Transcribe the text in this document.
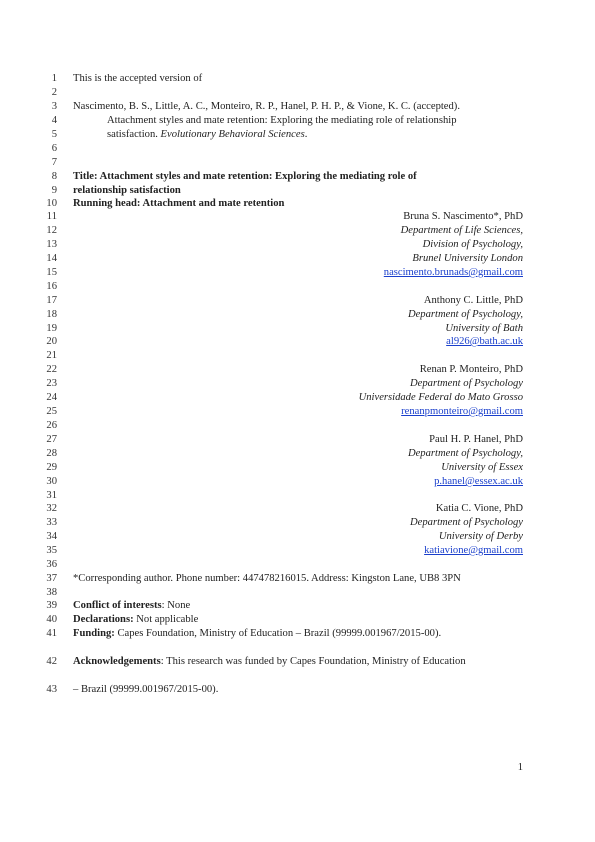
1 This is the accepted version of
2
3 Nascimento, B. S., Little, A. C., Monteiro, R. P., Hanel, P. H. P., & Vione, K. C. (accepted).
4	Attachment styles and mate retention: Exploring the mediating role of relationship
5	satisfaction. Evolutionary Behavioral Sciences.
6
7
8 Title: Attachment styles and mate retention: Exploring the mediating role of
9 relationship satisfaction
10 Running head: Attachment and mate retention
11	Bruna S. Nascimento*, PhD
12	Department of Life Sciences,
13	Division of Psychology,
14	Brunel University London
15	nascimento.brunads@gmail.com
16
17	Anthony C. Little, PhD
18	Department of Psychology,
19	University of Bath
20	al926@bath.ac.uk
21
22	Renan P. Monteiro, PhD
23	Department of Psychology
24	Universidade Federal do Mato Grosso
25	renanpmonteiro@gmail.com
26
27	Paul H. P. Hanel, PhD
28	Department of Psychology,
29	University of Essex
30	p.hanel@essex.ac.uk
31
32	Katia C. Vione, PhD
33	Department of Psychology
34	University of Derby
35	katiavione@gmail.com
36
37 *Corresponding author. Phone number: 447478216015. Address: Kingston Lane, UB8 3PN
38
39 Conflict of interests: None
40 Declarations: Not applicable
41 Funding: Capes Foundation, Ministry of Education – Brazil (99999.001967/2015-00).
42 Acknowledgements: This research was funded by Capes Foundation, Ministry of Education
43 – Brazil (99999.001967/2015-00).
1
